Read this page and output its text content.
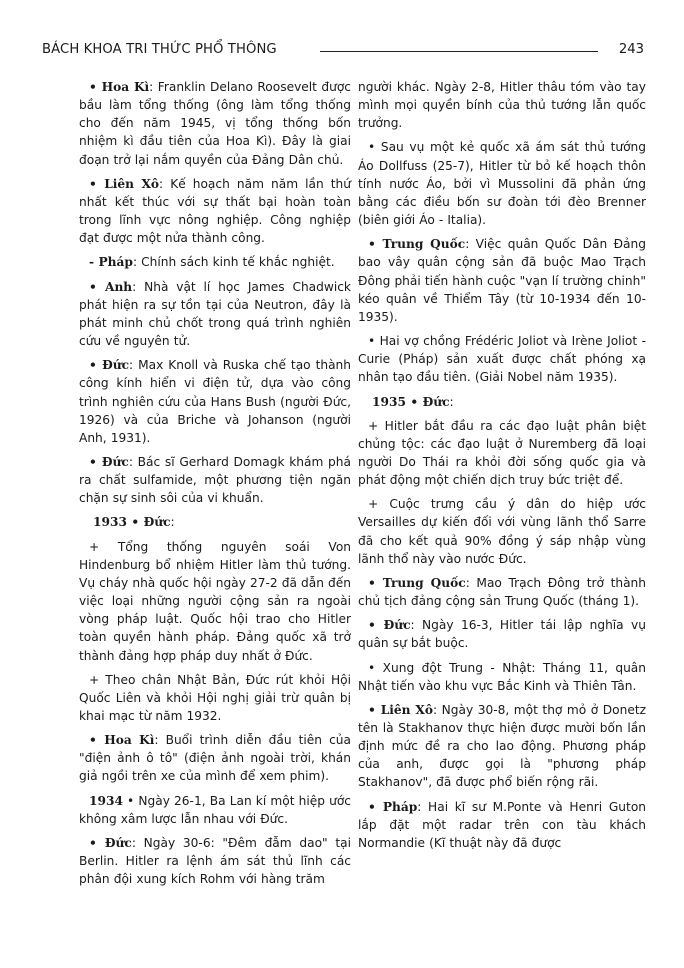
BÁCH KHOA TRI THỨC PHỔ THÔNG	243

• Hoa Kì: Franklin Delano Roosevelt được bầu làm tổng thống (ông làm tổng thống cho đến năm 1945, vị tổng thống bốn nhiệm kì đầu tiên của Hoa Kì). Đây là giai đoạn trở lại nắm quyền của Đảng Dân chủ.

• Liên Xô: Kế hoạch năm năm lần thứ nhất kết thúc với sự thất bại hoàn toàn trong lĩnh vực nông nghiệp. Công nghiệp đạt được một nửa thành công.

- Pháp: Chính sách kinh tế khắc nghiệt.

• Anh: Nhà vật lí học James Chadwick phát hiện ra sự tồn tại của Neutron, đây là phát minh chủ chốt trong quá trình nghiên cứu về nguyên tử.

• Đức: Max Knoll và Ruska chế tạo thành công kính hiển vi điện tử, dựa vào công trình nghiên cứu của Hans Bush (người Đức, 1926) và của Briche và Johanson (người Anh, 1931).

• Đức: Bác sĩ Gerhard Domagk khám phá ra chất sulfamide, một phương tiện ngăn chặn sự sinh sôi của vi khuẩn.

1933 • Đức:

+ Tổng thống nguyên soái Von Hindenburg bổ nhiệm Hitler làm thủ tướng. Vụ cháy nhà quốc hội ngày 27-2 đã dẫn đến việc loại những người cộng sản ra ngoài vòng pháp luật. Quốc hội trao cho Hitler toàn quyền hành pháp. Đảng quốc xã trở thành đảng hợp pháp duy nhất ở Đức.

+ Theo chân Nhật Bản, Đức rút khỏi Hội Quốc Liên và khỏi Hội nghị giải trừ quân bị khai mạc từ năm 1932.

• Hoa Kì: Buổi trình diễn đầu tiên của "điện ảnh ô tô" (điện ảnh ngoài trời, khán giả ngồi trên xe của mình để xem phim).

1934 • Ngày 26-1, Ba Lan kí một hiệp ước không xâm lược lẫn nhau với Đức.

• Đức: Ngày 30-6: "Đêm đẫm dao" tại Berlin. Hitler ra lệnh ám sát thủ lĩnh các phân đội xung kích Rohm với hàng trăm

người khác. Ngày 2-8, Hitler thâu tóm vào tay mình mọi quyền bính của thủ tướng lẫn quốc trưởng.

• Sau vụ một kẻ quốc xã ám sát thủ tướng Áo Dollfuss (25-7), Hitler từ bỏ kế hoạch thôn tính nước Áo, bởi vì Mussolini đã phản ứng bằng các điều bốn sư đoàn tới đèo Brenner (biên giới Áo - Italia).

• Trung Quốc: Việc quân Quốc Dân Đảng bao vây quân cộng sản đã buộc Mao Trạch Đông phải tiến hành cuộc "vạn lí trường chinh" kéo quân về Thiểm Tây (từ 10-1934 đến 10-1935).

• Hai vợ chồng Frédéric Joliot và Irène Joliot - Curie (Pháp) sản xuất được chất phóng xạ nhân tạo đầu tiên. (Giải Nobel năm 1935).

1935 • Đức:

+ Hitler bắt đầu ra các đạo luật phân biệt chủng tộc: các đạo luật ở Nuremberg đã loại người Do Thái ra khỏi đời sống quốc gia và phát động một chiến dịch truy bức triệt để.

+ Cuộc trưng cầu ý dân do hiệp ước Versailles dự kiến đối với vùng lãnh thổ Sarre đã cho kết quả 90% đồng ý sáp nhập vùng lãnh thổ này vào nước Đức.

• Trung Quốc: Mao Trạch Đông trở thành chủ tịch đảng cộng sản Trung Quốc (tháng 1).

• Đức: Ngày 16-3, Hitler tái lập nghĩa vụ quân sự bắt buộc.

• Xung đột Trung - Nhật: Tháng 11, quân Nhật tiến vào khu vực Bắc Kinh và Thiên Tân.

• Liên Xô: Ngày 30-8, một thợ mỏ ở Donetz tên là Stakhanov thực hiện được mười bốn lần định mức đề ra cho lao động. Phương pháp của anh, được gọi là "phương pháp Stakhanov", đã được phổ biến rộng rãi.

• Pháp: Hai kĩ sư M.Ponte và Henri Guton lắp đặt một radar trên con tàu khách Normandie (Kĩ thuật này đã được
